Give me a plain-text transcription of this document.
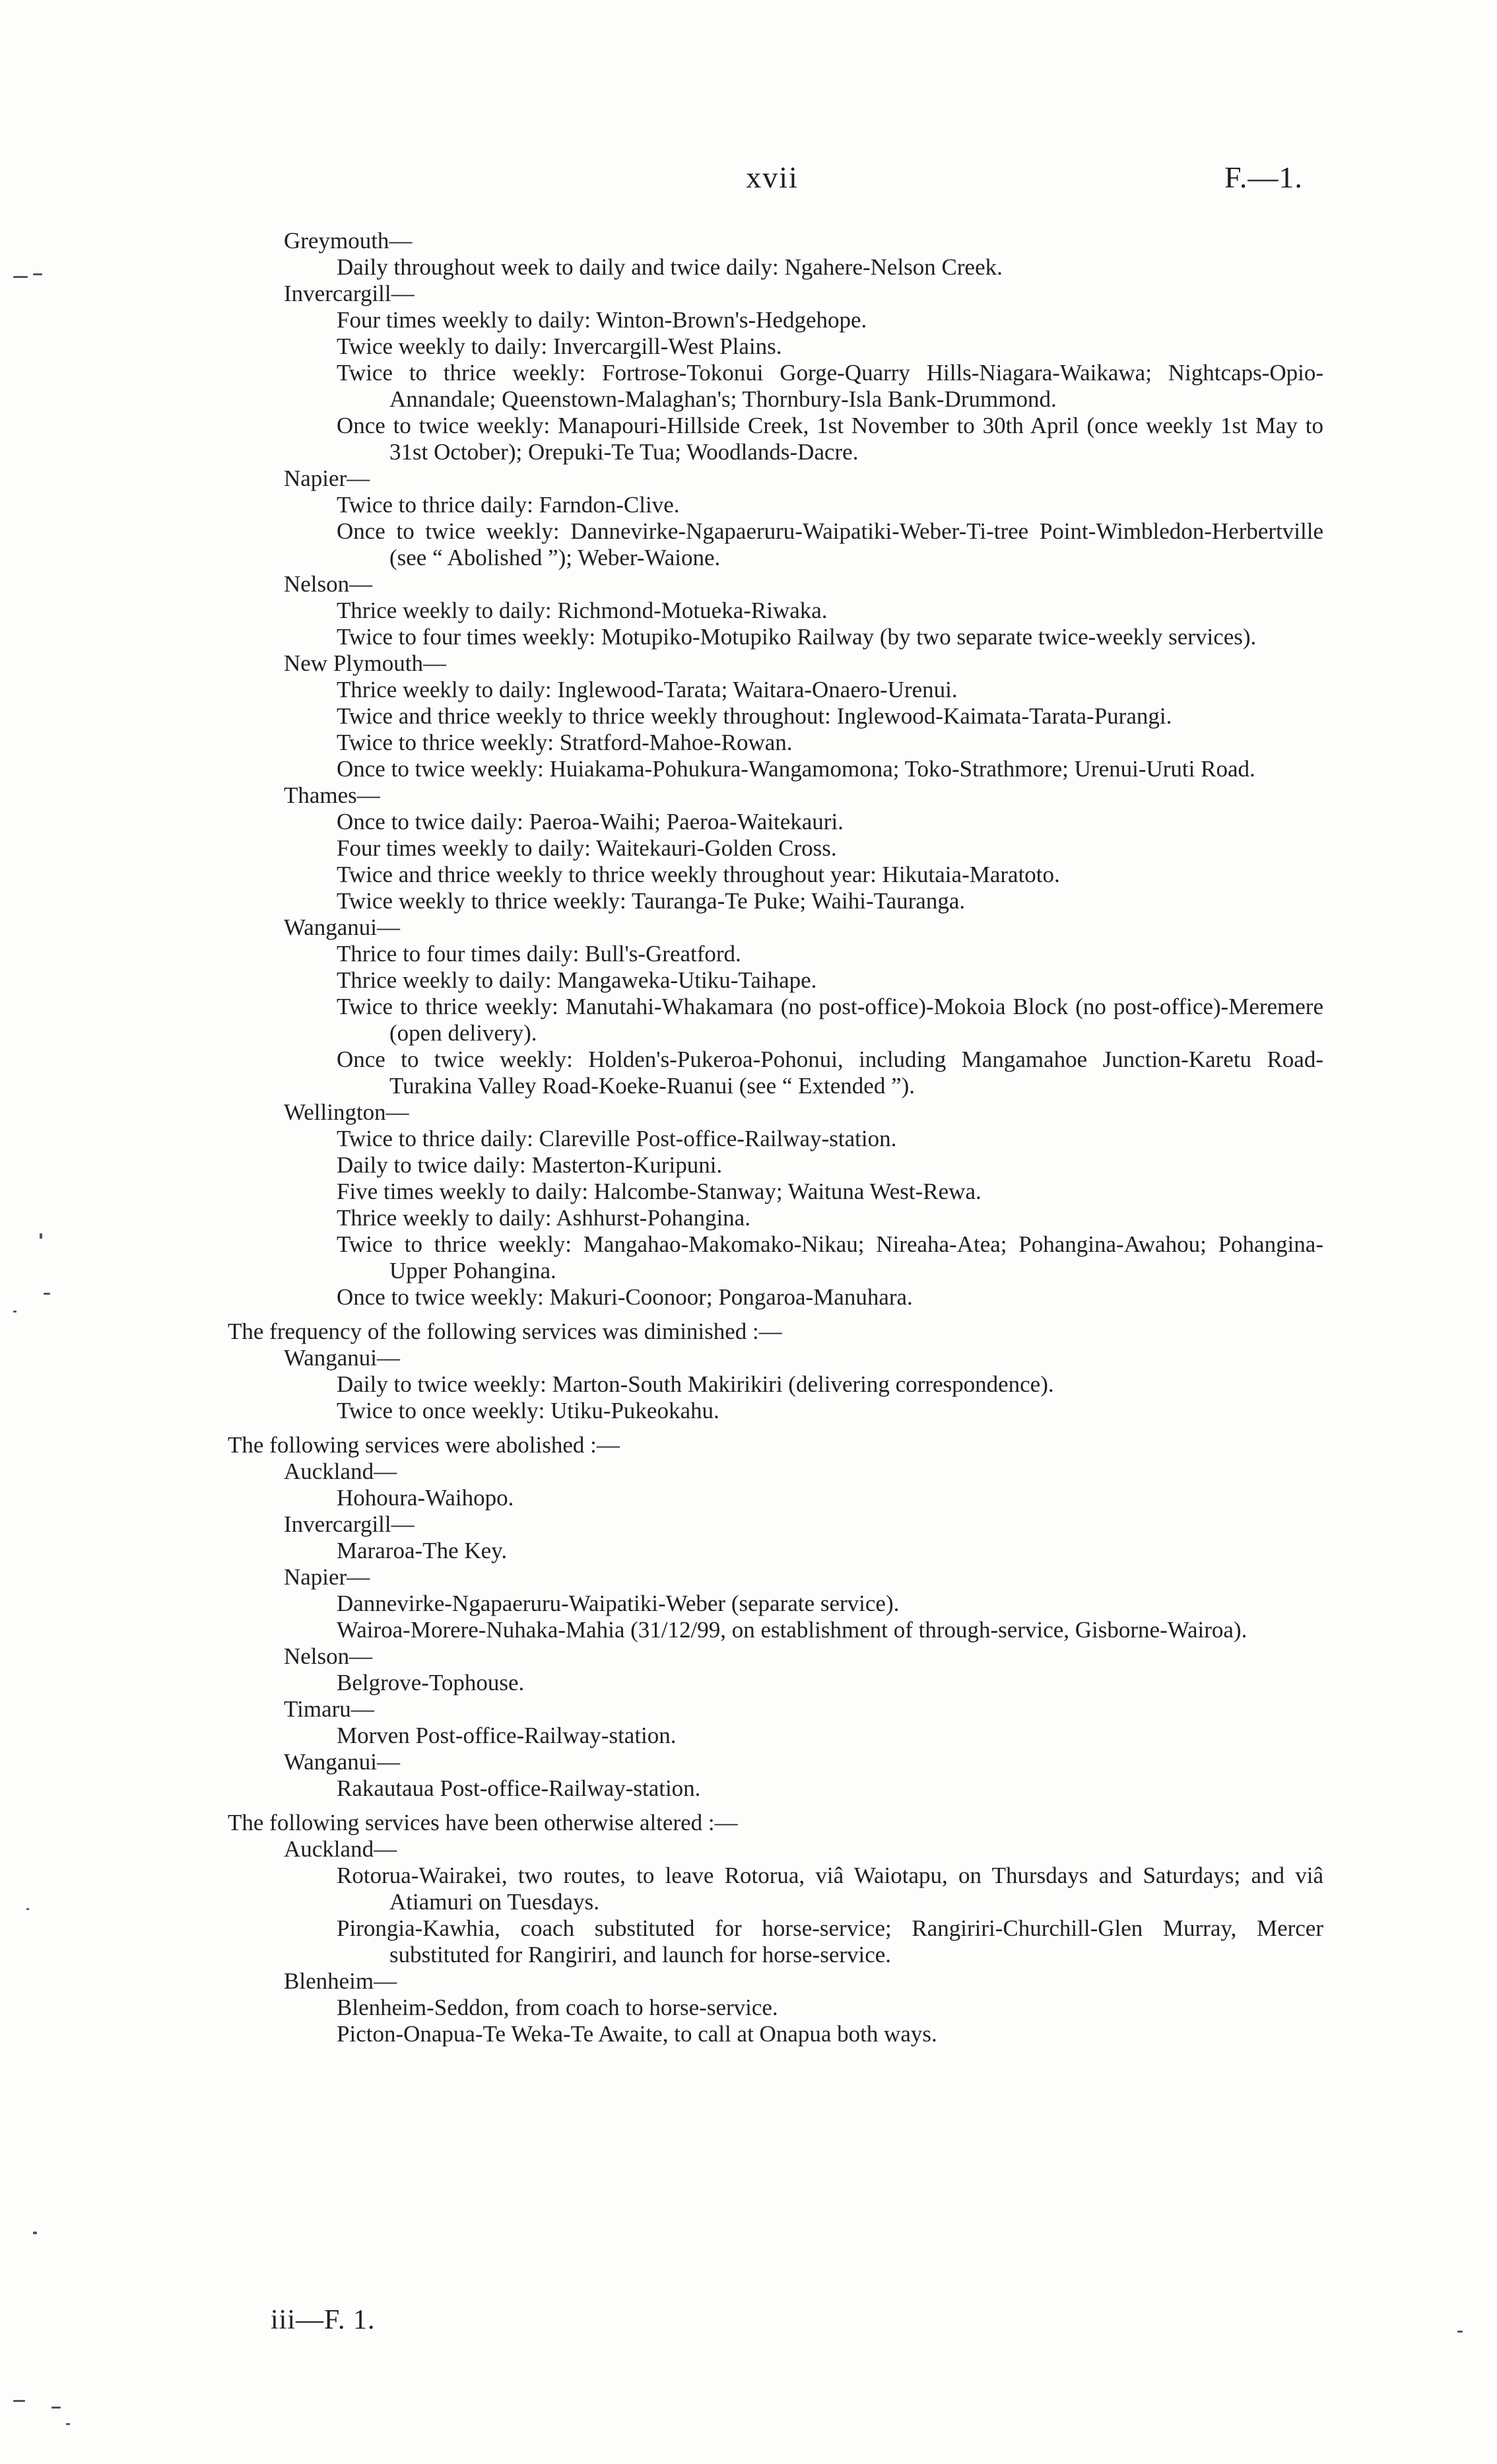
xvii	F.—1.
Greymouth—
Daily throughout week to daily and twice daily: Ngahere-Nelson Creek.
Invercargill—
Four times weekly to daily: Winton-Brown's-Hedgehope.
Twice weekly to daily: Invercargill-West Plains.
Twice to thrice weekly: Fortrose-Tokonui Gorge-Quarry Hills-Niagara-Waikawa; Nightcaps-Opio-Annandale; Queenstown-Malaghan's; Thornbury-Isla Bank-Drummond.
Once to twice weekly: Manapouri-Hillside Creek, 1st November to 30th April (once weekly 1st May to 31st October); Orepuki-Te Tua; Woodlands-Dacre.
Napier—
Twice to thrice daily: Farndon-Clive.
Once to twice weekly: Dannevirke-Ngapaeruru-Waipatiki-Weber-Ti-tree Point-Wimbledon-Herbertville (see “ Abolished ”); Weber-Waione.
Nelson—
Thrice weekly to daily: Richmond-Motueka-Riwaka.
Twice to four times weekly: Motupiko-Motupiko Railway (by two separate twice-weekly services).
New Plymouth—
Thrice weekly to daily: Inglewood-Tarata; Waitara-Onaero-Urenui.
Twice and thrice weekly to thrice weekly throughout: Inglewood-Kaimata-Tarata-Purangi.
Twice to thrice weekly: Stratford-Mahoe-Rowan.
Once to twice weekly: Huiakama-Pohukura-Wangamomona; Toko-Strathmore; Urenui-Uruti Road.
Thames—
Once to twice daily: Paeroa-Waihi; Paeroa-Waitekauri.
Four times weekly to daily: Waitekauri-Golden Cross.
Twice and thrice weekly to thrice weekly throughout year: Hikutaia-Maratoto.
Twice weekly to thrice weekly: Tauranga-Te Puke; Waihi-Tauranga.
Wanganui—
Thrice to four times daily: Bull's-Greatford.
Thrice weekly to daily: Mangaweka-Utiku-Taihape.
Twice to thrice weekly: Manutahi-Whakamara (no post-office)-Mokoia Block (no post-office)-Meremere (open delivery).
Once to twice weekly: Holden's-Pukeroa-Pohonui, including Mangamahoe Junction-Karetu Road-Turakina Valley Road-Koeke-Ruanui (see “ Extended ”).
Wellington—
Twice to thrice daily: Clareville Post-office-Railway-station.
Daily to twice daily: Masterton-Kuripuni.
Five times weekly to daily: Halcombe-Stanway; Waituna West-Rewa.
Thrice weekly to daily: Ashhurst-Pohangina.
Twice to thrice weekly: Mangahao-Makomako-Nikau; Nireaha-Atea; Pohangina-Awahou; Pohangina-Upper Pohangina.
Once to twice weekly: Makuri-Coonoor; Pongaroa-Manuhara.
The frequency of the following services was diminished :—
Wanganui—
Daily to twice weekly: Marton-South Makirikiri (delivering correspondence).
Twice to once weekly: Utiku-Pukeokahu.
The following services were abolished :—
Auckland—
Hohoura-Waihopo.
Invercargill—
Mararoa-The Key.
Napier—
Dannevirke-Ngapaeruru-Waipatiki-Weber (separate service).
Wairoa-Morere-Nuhaka-Mahia (31/12/99, on establishment of through-service, Gisborne-Wairoa).
Nelson—
Belgrove-Tophouse.
Timaru—
Morven Post-office-Railway-station.
Wanganui—
Rakautaua Post-office-Railway-station.
The following services have been otherwise altered :—
Auckland—
Rotorua-Wairakei, two routes, to leave Rotorua, viâ Waiotapu, on Thursdays and Saturdays; and viâ Atiamuri on Tuesdays.
Pirongia-Kawhia, coach substituted for horse-service; Rangiriri-Churchill-Glen Murray, Mercer substituted for Rangiriri, and launch for horse-service.
Blenheim—
Blenheim-Seddon, from coach to horse-service.
Picton-Onapua-Te Weka-Te Awaite, to call at Onapua both ways.
iii—F. 1.
